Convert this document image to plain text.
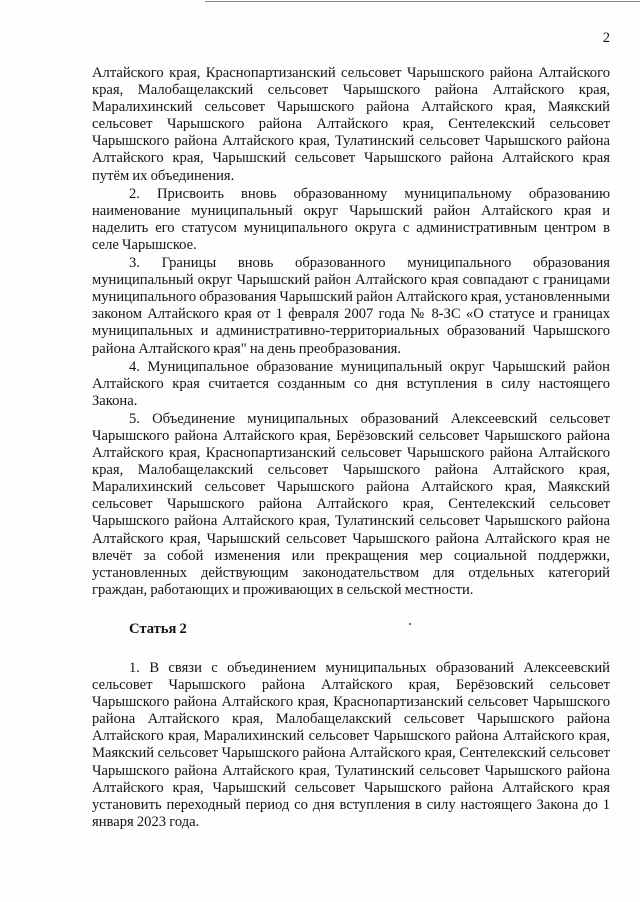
2

Алтайского края, Краснопартизанский сельсовет Чарышского района Алтайского края, Малобащелакский сельсовет Чарышского района Алтайского края, Маралихинский сельсовет Чарышского района Алтайского края, Маякский сельсовет Чарышского района Алтайского края, Сентелекский сельсовет Чарышского района Алтайского края, Тулатинский сельсовет Чарышского района Алтайского края, Чарышский сельсовет Чарышского района Алтайского края путём их объединения.

2. Присвоить вновь образованному муниципальному образованию наименование муниципальный округ Чарышский район Алтайского края и наделить его статусом муниципального округа с административным центром в селе Чарышское.

3. Границы вновь образованного муниципального образования муниципальный округ Чарышский район Алтайского края совпадают с границами муниципального образования Чарышский район Алтайского края, установленными законом Алтайского края от 1 февраля 2007 года № 8-ЗС «О статусе и границах муниципальных и административно-территориальных образований Чарышского района Алтайского края" на день преобразования.

4. Муниципальное образование муниципальный округ Чарышский район Алтайского края считается созданным со дня вступления в силу настоящего Закона.

5. Объединение муниципальных образований Алексеевский сельсовет Чарышского района Алтайского края, Берёзовский сельсовет Чарышского района Алтайского края, Краснопартизанский сельсовет Чарышского района Алтайского края, Малобащелакский сельсовет Чарышского района Алтайского края, Маралихинский сельсовет Чарышского района Алтайского края, Маякский сельсовет Чарышского района Алтайского края, Сентелекский сельсовет Чарышского района Алтайского края, Тулатинский сельсовет Чарышского района Алтайского края, Чарышский сельсовет Чарышского района Алтайского края не влечёт за собой изменения или прекращения мер социальной поддержки, установленных действующим законодательством для отдельных категорий граждан, работающих и проживающих в сельской местности.

Статья 2

1. В связи с объединением муниципальных образований Алексеевский сельсовет Чарышского района Алтайского края, Берёзовский сельсовет Чарышского района Алтайского края, Краснопартизанский сельсовет Чарышского района Алтайского края, Малобащелакский сельсовет Чарышского района Алтайского края, Маралихинский сельсовет Чарышского района Алтайского края, Маякский сельсовет Чарышского района Алтайского края, Сентелекский сельсовет Чарышского района Алтайского края, Тулатинский сельсовет Чарышского района Алтайского края, Чарышский сельсовет Чарышского района Алтайского края установить переходный период со дня вступления в силу настоящего Закона до 1 января 2023 года.
